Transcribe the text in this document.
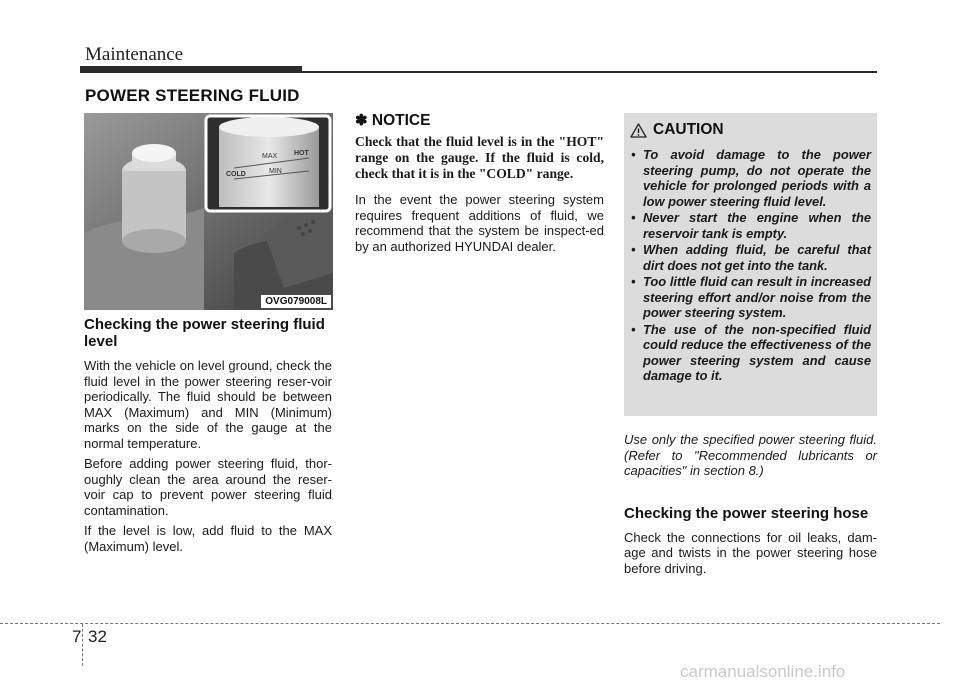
Maintenance
POWER STEERING FLUID
MAX HOT
COLD	MIN
OVG079008L
Checking the power steering fluid level

With the vehicle on level ground, check the fluid level in the power steering reser-voir periodically. The fluid should be between MAX (Maximum) and MIN (Minimum) marks on the side of the gauge at the normal temperature.

Before adding power steering fluid, thor-oughly clean the area around the reser-voir cap to prevent power steering fluid contamination.

If the level is low, add fluid to the MAX (Maximum) level.

✽ NOTICE

Check that the fluid level is in the "HOT" range on the gauge. If the fluid is cold, check that it is in the "COLD" range.

In the event the power steering system requires frequent additions of fluid, we recommend that the system be inspect-ed by an authorized HYUNDAI dealer.

CAUTION
• To avoid damage to the power steering pump, do not operate the vehicle for prolonged periods with a low power steering fluid level.
• Never start the engine when the reservoir tank is empty.
• When adding fluid, be careful that dirt does not get into the tank.
• Too little fluid can result in increased steering effort and/or noise from the power steering system.
• The use of the non-specified fluid could reduce the effectiveness of the power steering system and cause damage to it.

Use only the specified power steering fluid. (Refer to "Recommended lubricants or capacities" in section 8.)

Checking the power steering hose

Check the connections for oil leaks, dam-age and twists in the power steering hose before driving.

7 32
carmanualsonline.info
